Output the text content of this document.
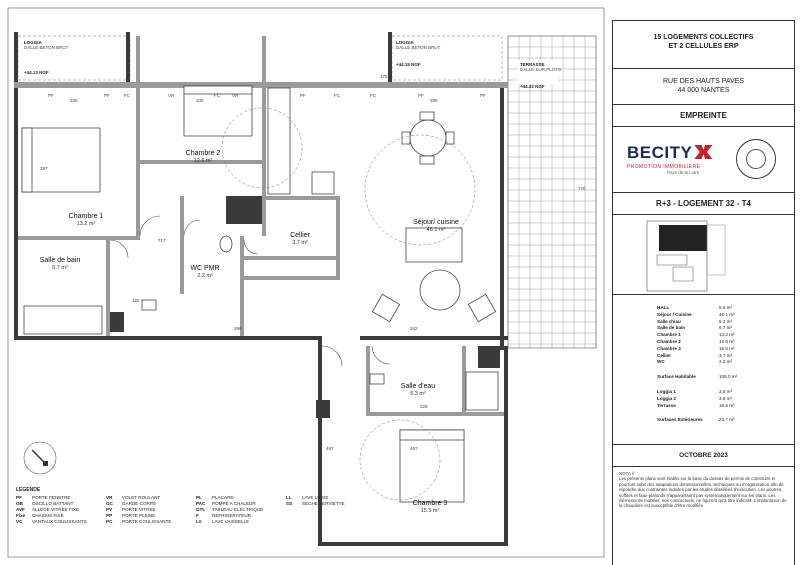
LOGGIA
DALLE BETON BRUT
+44.13 NGF
LOGGIA
DALLE BETON BRUT
+44.15 NGF	TERRASSE
DALLE SUR PLOTS
+44.32 NGF
770
Chambre 1
13.2 m²
Chambre 2
12.6 m²
Salle de bain
6.7 m²	WC PMR
2.2 m²
Cellier
3.7 m²
Séjour/ cuisine
46.1 m²
Salle d'eau
5.3 m²
Chambre 3
15.5 m²
335	345	285
120
396	342
467
467
328
717
397
170
PF	PF	FC	VR	FC	VR	PF	FC	FC	PF	PF
LEGENDE
PF	PORTE FENETRE	VR	VOLET ROULANT	PL	PLACARD	LL	LAVE LINGE
OB	OSCILLO BATTANT	GC	GARDE CORPS	PAC	POMPE A CHALEUR	SS	SECHE SERVIETTE
AVF	ALLEGE VITREE FIXE	PV	PORTE VITREE	GTL	TABLEAU ELECTRIQUE
Fixe	CHASSIS FIXE	PP	PORTE PLEINE	F	REFRIGERATEUR
VC	VANTAUX COULISSANTS	PC	PORTE COULISSANTE	LV	LAVE VAISSELLE
15 LOGEMENTS COLLECTIFS
ET 2 CELLULES ERP
RUE DES HAUTS PAVES
44 000 NANTES
EMPREINTE
BECITY
PROMOTION IMMOBILIÈRE
Pays de la Loire
R+3 - LOGEMENT 32 - T4
HALL	8.6 m²
Séjour / Cuisine	46.1 m²
Salle d'eau	5.3 m²
Salle de bain	6.7 m²
Chambre 1	13.2 m²
Chambre 2	12.6 m²
Chambre 3	15.5 m²
Cellier	3.7 m²
WC	2.2 m²
Surface Habitable	108.0 m²
Loggia 1	3.6 m²
Loggia 2	3.6 m²
Terrasse	16.5 m²
Surfaces Extérieures	23.7 m²
OCTOBRE 2023
NOTA //
Les présents plans sont établis sur la base du dossier de permis de construire et pourront subir des adaptations dimensionnelles, techniques ou d'organisation afin de répondre aux contraintes induites par les études détaillées d'exécution. Les poutres, soffites et faux-plafonds n'apparaissent pas systématiquement sur les plans. Les éléments de mobilier, non contractuels, ne figurent qu'à titre indicatif. L'implantation de la chaudière est susceptible d'être modifiée.
